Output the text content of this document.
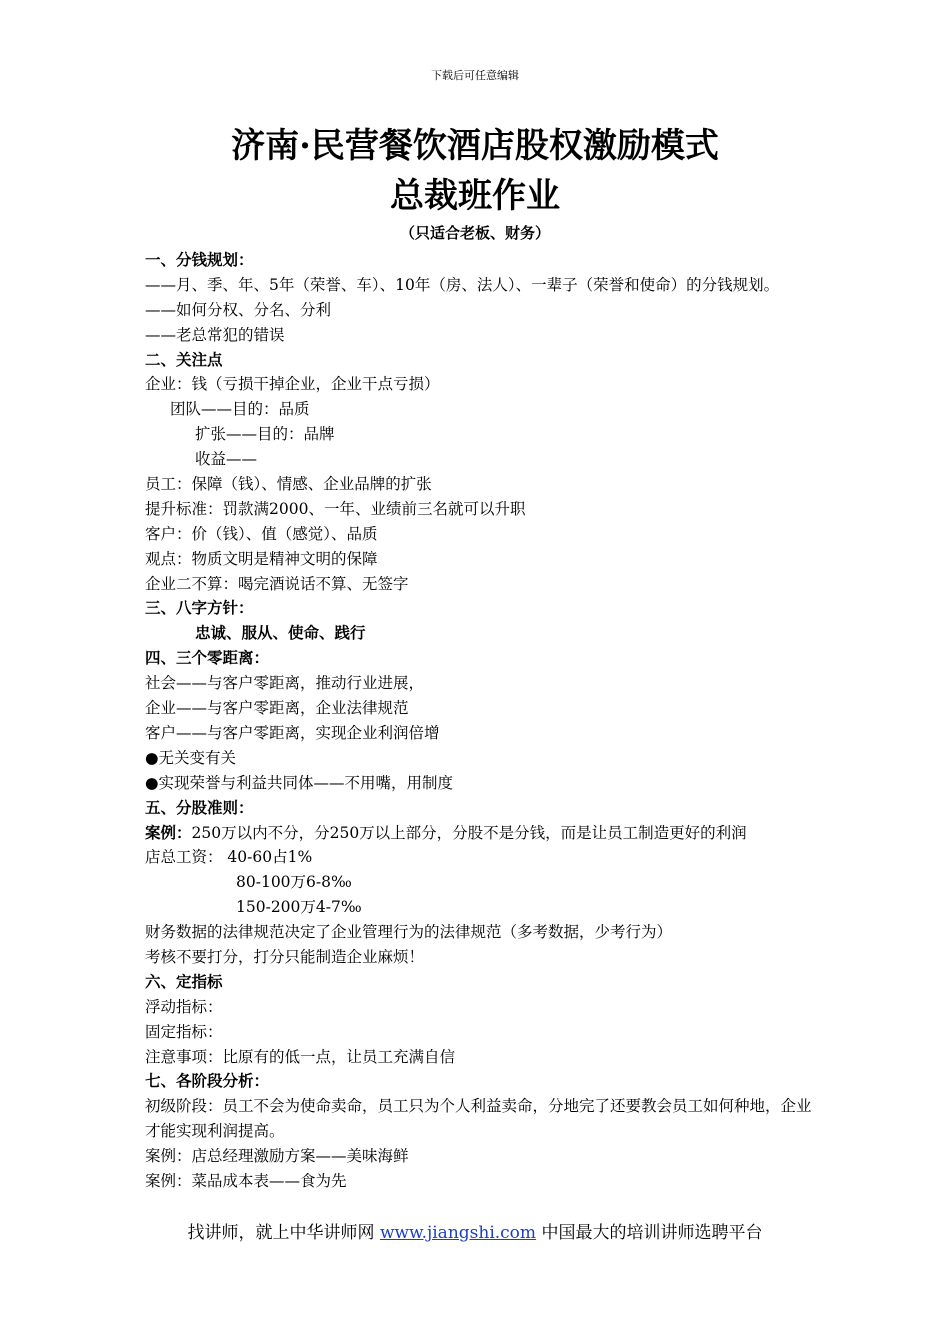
下载后可任意编辑
济南·民营餐饮酒店股权激励模式
总裁班作业
（只适合老板、财务）
一、分钱规划：
——月、季、年、5年（荣誉、车）、10年（房、法人）、一辈子（荣誉和使命）的分钱规划。
——如何分权、分名、分利
——老总常犯的错误
二、关注点
企业：钱（亏损干掉企业，企业干点亏损）
团队——目的：品质
扩张——目的：品牌
收益——
员工：保障（钱）、情感、企业品牌的扩张
提升标准：罚款满2000、一年、业绩前三名就可以升职
客户：价（钱）、值（感觉）、品质
观点：物质文明是精神文明的保障
企业二不算：喝完酒说话不算、无签字
三、八字方针：
忠诚、服从、使命、践行
四、三个零距离：
社会——与客户零距离，推动行业进展，
企业——与客户零距离，企业法律规范
客户——与客户零距离，实现企业利润倍增
●无关变有关
●实现荣誉与利益共同体——不用嘴，用制度
五、分股准则：
案例：250万以内不分，分250万以上部分，分股不是分钱，而是让员工制造更好的利润
店总工资： 40-60占1%
80-100万6-8‰
150-200万4-7‰
财务数据的法律规范决定了企业管理行为的法律规范（多考数据，少考行为）
考核不要打分，打分只能制造企业麻烦！
六、定指标
浮动指标：
固定指标：
注意事项：比原有的低一点，让员工充满自信
七、各阶段分析：
初级阶段：员工不会为使命卖命，员工只为个人利益卖命，分地完了还要教会员工如何种地，企业才能实现利润提高。
案例：店总经理激励方案——美味海鲜
案例：菜品成本表——食为先
找讲师，就上中华讲师网 www.jiangshi.com 中国最大的培训讲师选聘平台
